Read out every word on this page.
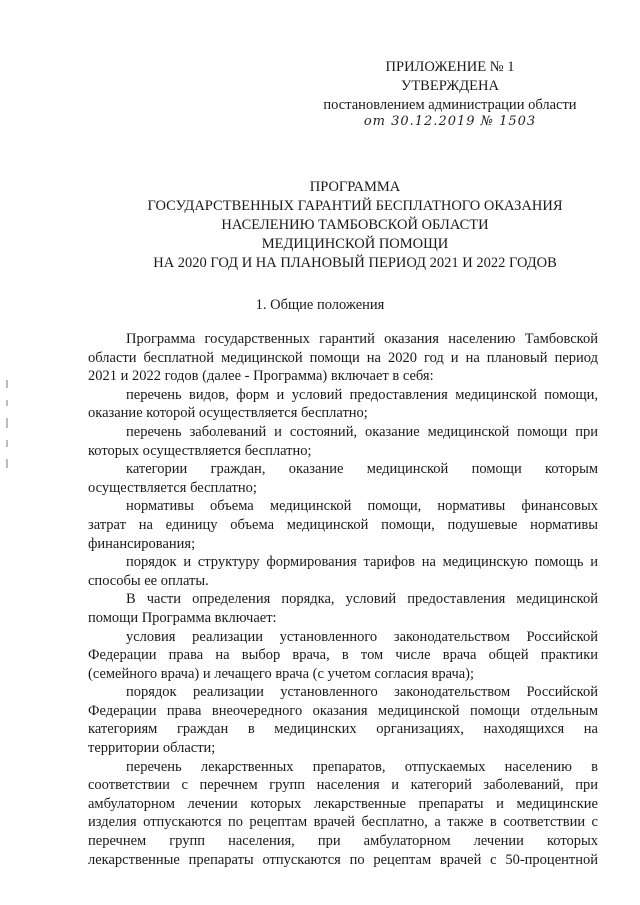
ПРИЛОЖЕНИЕ № 1
УТВЕРЖДЕНА
постановлением администрации области
от 30.12.2019 № 1503
ПРОГРАММА
ГОСУДАРСТВЕННЫХ ГАРАНТИЙ БЕСПЛАТНОГО ОКАЗАНИЯ
НАСЕЛЕНИЮ ТАМБОВСКОЙ ОБЛАСТИ
МЕДИЦИНСКОЙ ПОМОЩИ
НА 2020 ГОД И НА ПЛАНОВЫЙ ПЕРИОД 2021 И 2022 ГОДОВ
1. Общие положения
Программа государственных гарантий оказания населению Тамбовской
области бесплатной медицинской помощи на 2020 год и на плановый период
2021 и 2022 годов (далее - Программа) включает в себя:
перечень видов, форм и условий предоставления медицинской помощи,
оказание которой осуществляется бесплатно;
перечень заболеваний и состояний, оказание медицинской помощи при
которых осуществляется бесплатно;
категории граждан, оказание медицинской помощи которым
осуществляется бесплатно;
нормативы объема медицинской помощи, нормативы финансовых
затрат на единицу объема медицинской помощи, подушевые нормативы
финансирования;
порядок и структуру формирования тарифов на медицинскую помощь и
способы ее оплаты.
В части определения порядка, условий предоставления медицинской
помощи Программа включает:
условия реализации установленного законодательством Российской
Федерации права на выбор врача, в том числе врача общей практики
(семейного врача) и лечащего врача (с учетом согласия врача);
порядок реализации установленного законодательством Российской
Федерации права внеочередного оказания медицинской помощи отдельным
категориям граждан в медицинских организациях, находящихся на
территории области;
перечень лекарственных препаратов, отпускаемых населению в
соответствии с перечнем групп населения и категорий заболеваний, при
амбулаторном лечении которых лекарственные препараты и медицинские
изделия отпускаются по рецептам врачей бесплатно, а также в соответствии с
перечнем групп населения, при амбулаторном лечении которых
лекарственные препараты отпускаются по рецептам врачей с 50-процентной
